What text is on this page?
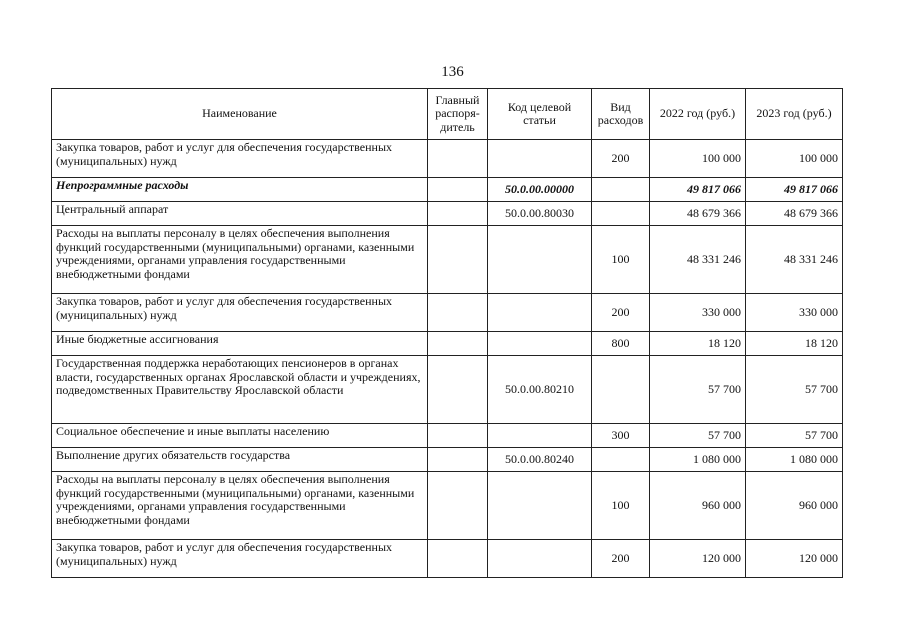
136
Наименование	Главный распоря-дитель	Код целевой статьи	Вид расходов	2022 год (руб.)	2023 год (руб.)
Закупка товаров, работ и услуг для обеспечения государственных (муниципальных) нужд			200	100 000	100 000
Непрограммные расходы		50.0.00.00000		49 817 066	49 817 066
Центральный аппарат		50.0.00.80030		48 679 366	48 679 366
Расходы на выплаты персоналу в целях обеспечения выполнения функций государственными (муниципальными) органами, казенными учреждениями, органами управления государственными внебюджетными фондами			100	48 331 246	48 331 246
Закупка товаров, работ и услуг для обеспечения государственных (муниципальных) нужд			200	330 000	330 000
Иные бюджетные ассигнования			800	18 120	18 120
Государственная поддержка неработающих пенсионеров в органах власти, государственных органах Ярославской области и учреждениях, подведомственных Правительству Ярославской области		50.0.00.80210		57 700	57 700
Социальное обеспечение и иные выплаты населению			300	57 700	57 700
Выполнение других обязательств государства		50.0.00.80240		1 080 000	1 080 000
Расходы на выплаты персоналу в целях обеспечения выполнения функций государственными (муниципальными) органами, казенными учреждениями, органами управления государственными внебюджетными фондами			100	960 000	960 000
Закупка товаров, работ и услуг для обеспечения государственных (муниципальных) нужд			200	120 000	120 000
